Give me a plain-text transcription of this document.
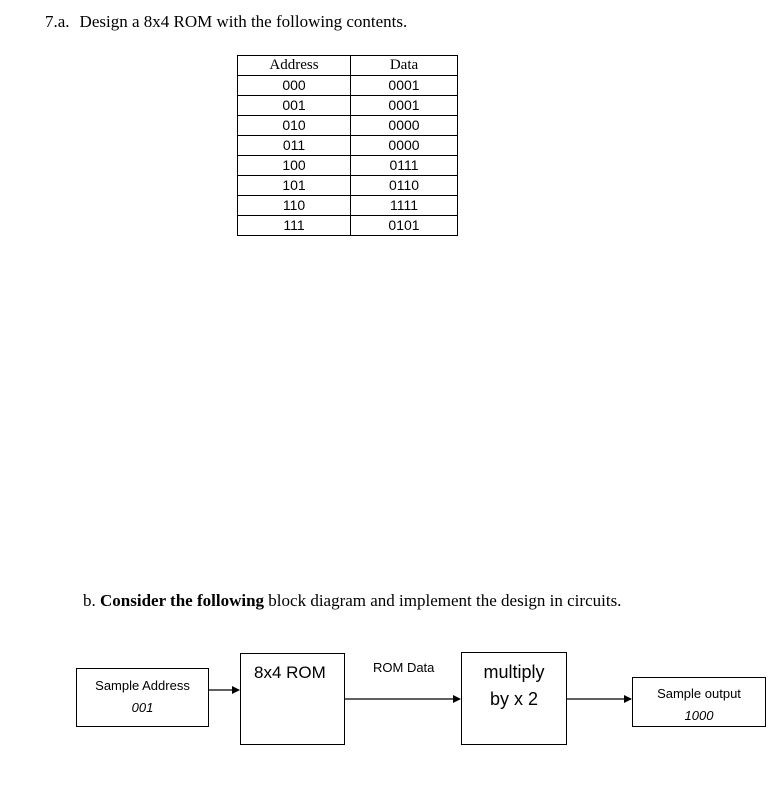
7.a. Design a 8x4 ROM with the following contents.
Address	Data
000	0001
001	0001
010	0000
011	0000
100	0111
101	0110
110	1111
111	0101
b. Consider the following block diagram and implement the design in circuits.
Sample Address
001
8x4 ROM	ROM Data	multiply
by x 2	Sample output
1000
